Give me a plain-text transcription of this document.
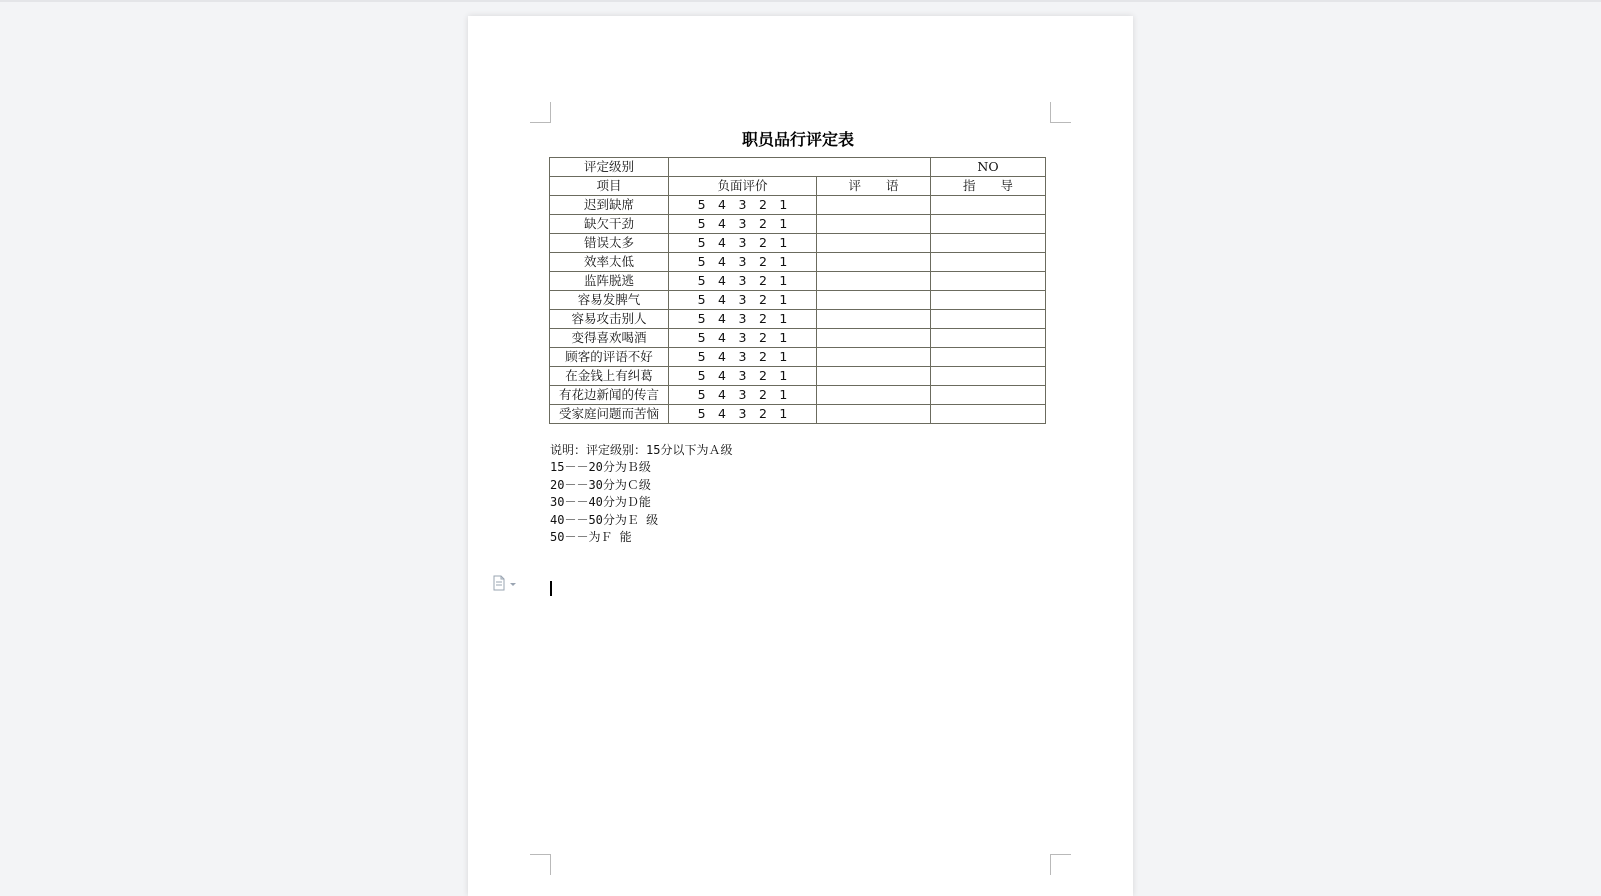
职员品行评定表
评定级别			NO
项目	负面评价	评　　语	指　　导
迟到缺席	5　4　3　2　1		
缺欠干劲	5　4　3　2　1		
错误太多	5　4　3　2　1		
效率太低	5　4　3　2　1		
监阵脱逃	5　4　3　2　1		
容易发脾气	5　4　3　2　1		
容易攻击别人	5　4　3　2　1		
变得喜欢喝酒	5　4　3　2　1		
顾客的评语不好	5　4　3　2　1		
在金钱上有纠葛	5　4　3　2　1		
有花边新闻的传言	5　4　3　2　1		
受家庭问题而苦恼	5　4　3　2　1		
说明：评定级别：15分以下为Ａ级
15－－20分为Ｂ级
20－－30分为Ｃ级
30－－40分为Ｄ能
40－－50分为Ｅ 级
50－－为Ｆ 能
